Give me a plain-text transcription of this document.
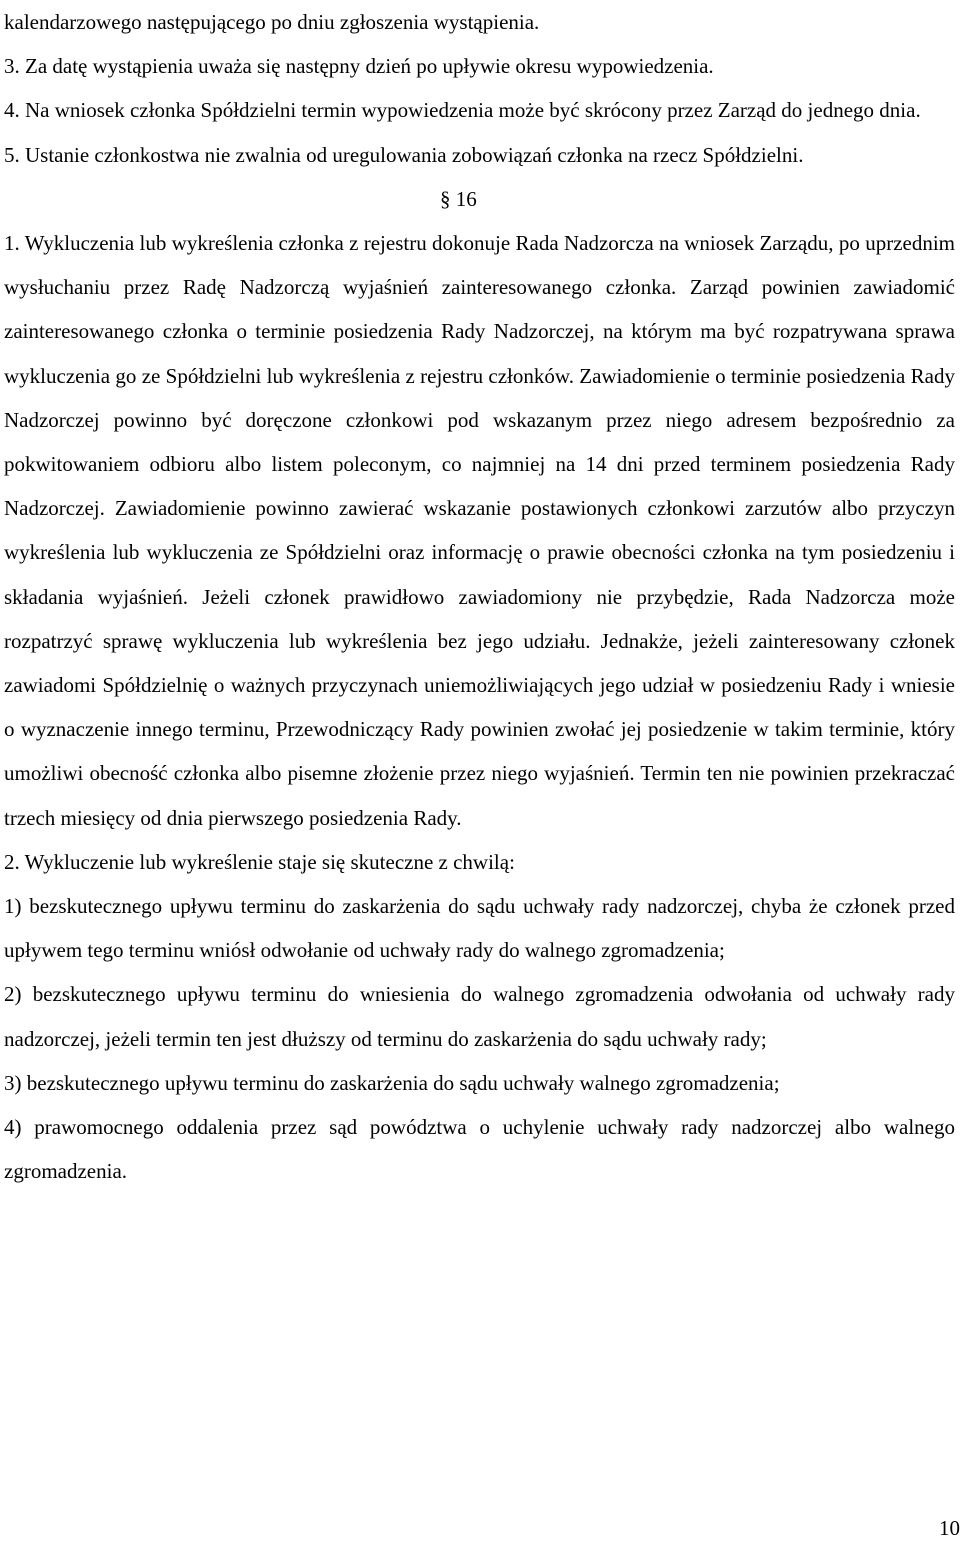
kalendarzowego następującego po dniu zgłoszenia wystąpienia.

3. Za datę wystąpienia uważa się następny dzień po upływie okresu wypowiedzenia.

4. Na wniosek członka Spółdzielni termin wypowiedzenia może być skrócony przez Zarząd do jednego dnia.

5. Ustanie członkostwa nie zwalnia od uregulowania zobowiązań członka na rzecz Spółdzielni.

§ 16

1. Wykluczenia lub wykreślenia członka z rejestru dokonuje Rada Nadzorcza na wniosek Zarządu, po uprzednim wysłuchaniu przez Radę Nadzorczą wyjaśnień zainteresowanego członka. Zarząd powinien zawiadomić zainteresowanego członka o terminie posiedzenia Rady Nadzorczej, na którym ma być rozpatrywana sprawa wykluczenia go ze Spółdzielni lub wykreślenia z rejestru członków. Zawiadomienie o terminie posiedzenia Rady Nadzorczej powinno być doręczone członkowi pod wskazanym przez niego adresem bezpośrednio za pokwitowaniem odbioru albo listem poleconym, co najmniej na 14 dni przed terminem posiedzenia Rady Nadzorczej. Zawiadomienie powinno zawierać wskazanie postawionych członkowi zarzutów albo przyczyn wykreślenia lub wykluczenia ze Spółdzielni oraz informację o prawie obecności członka na tym posiedzeniu i składania wyjaśnień. Jeżeli członek prawidłowo zawiadomiony nie przybędzie, Rada Nadzorcza może rozpatrzyć sprawę wykluczenia lub wykreślenia bez jego udziału. Jednakże, jeżeli zainteresowany członek zawiadomi Spółdzielnię o ważnych przyczynach uniemożliwiających jego udział w posiedzeniu Rady i wniesie o wyznaczenie innego terminu, Przewodniczący Rady powinien zwołać jej posiedzenie w takim terminie, który umożliwi obecność członka albo pisemne złożenie przez niego wyjaśnień. Termin ten nie powinien przekraczać trzech miesięcy od dnia pierwszego posiedzenia Rady.

2. Wykluczenie lub wykreślenie staje się skuteczne z chwilą:

1) bezskutecznego upływu terminu do zaskarżenia do sądu uchwały rady nadzorczej, chyba że członek przed upływem tego terminu wniósł odwołanie od uchwały rady do walnego zgromadzenia;

2) bezskutecznego upływu terminu do wniesienia do walnego zgromadzenia odwołania od uchwały rady nadzorczej, jeżeli termin ten jest dłuższy od terminu do zaskarżenia do sądu uchwały rady;

3) bezskutecznego upływu terminu do zaskarżenia do sądu uchwały walnego zgromadzenia;

4) prawomocnego oddalenia przez sąd powództwa o uchylenie uchwały rady nadzorczej albo walnego zgromadzenia.

10
